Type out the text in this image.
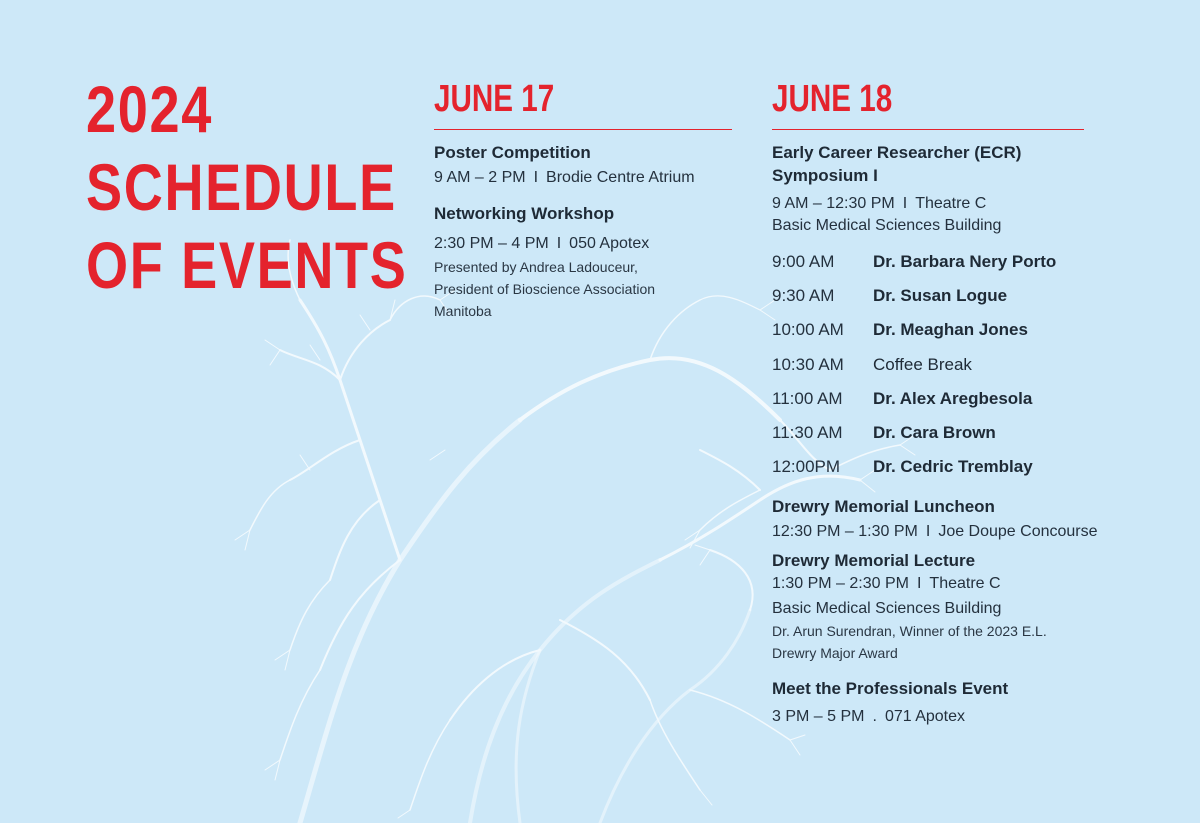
2024
SCHEDULE
OF EVENTS
JUNE 17
Poster Competition
9 AM – 2 PM I Brodie Centre Atrium
Networking Workshop
2:30 PM – 4 PM I 050 Apotex
Presented by Andrea Ladouceur,
President of Bioscience Association
Manitoba
JUNE 18
Early Career Researcher (ECR)
Symposium I
9 AM – 12:30 PM I Theatre C
Basic Medical Sciences Building
9:00 AM	Dr. Barbara Nery Porto
9:30 AM	Dr. Susan Logue
10:00 AM	Dr. Meaghan Jones
10:30 AM	Coffee Break
11:00 AM	Dr. Alex Aregbesola
11:30 AM	Dr. Cara Brown
12:00PM	Dr. Cedric Tremblay
Drewry Memorial Luncheon
12:30 PM – 1:30 PM I Joe Doupe Concourse
Drewry Memorial Lecture
1:30 PM – 2:30 PM I Theatre C
Basic Medical Sciences Building
Dr. Arun Surendran, Winner of the 2023 E.L.
Drewry Major Award
Meet the Professionals Event
3 PM – 5 PM . 071 Apotex
